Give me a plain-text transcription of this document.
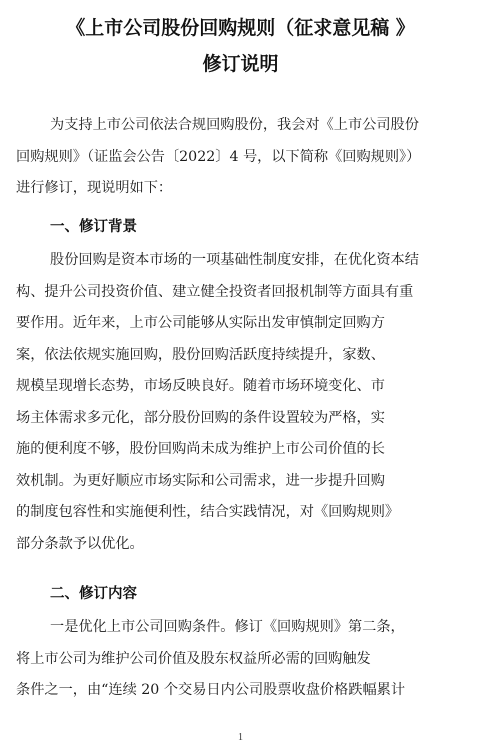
《上市公司股份回购规则（征求意见稿 》
修订说明

为支持上市公司依法合规回购股份，我会对《上市公司股份

回购规则》（证监会公告〔2022〕4 号，以下简称《回购规则》）

进行修订，现说明如下：

一、修订背景

股份回购是资本市场的一项基础性制度安排，在优化资本结

构、提升公司投资价值、建立健全投资者回报机制等方面具有重

要作用。近年来，上市公司能够从实际出发审慎制定回购方

案，依法依规实施回购，股份回购活跃度持续提升，家数、

规模呈现增长态势，市场反映良好。随着市场环境变化、市

场主体需求多元化，部分股份回购的条件设置较为严格，实

施的便利度不够，股份回购尚未成为维护上市公司价值的长

效机制。为更好顺应市场实际和公司需求，进一步提升回购

的制度包容性和实施便利性，结合实践情况，对《回购规则》

部分条款予以优化。

二、修订内容

一是优化上市公司回购条件。修订《回购规则》第二条，

将上市公司为维护公司价值及股东权益所必需的回购触发

条件之一，由“连续 20 个交易日内公司股票收盘价格跌幅累计

1
